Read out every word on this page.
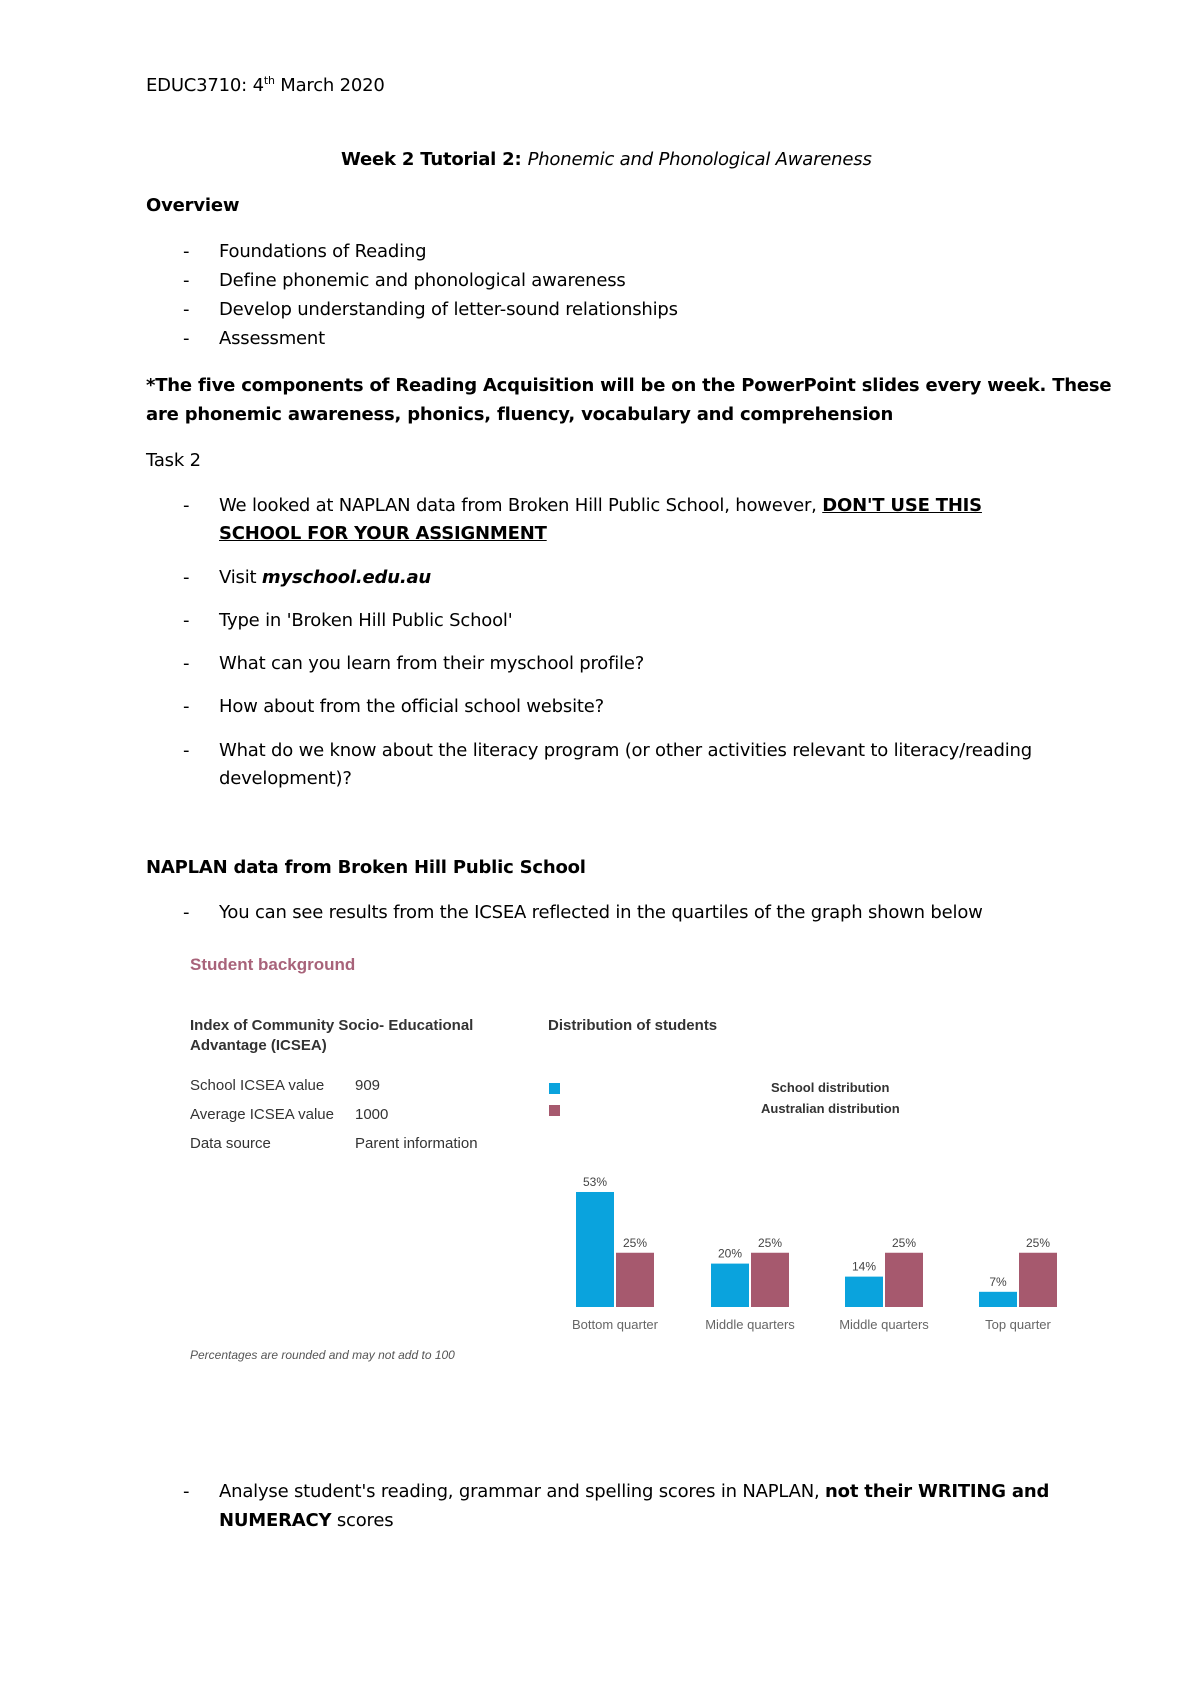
EDUC3710: 4th March 2020
Week 2 Tutorial 2: Phonemic and Phonological Awareness
Overview
- Foundations of Reading
- Define phonemic and phonological awareness
- Develop understanding of letter-sound relationships
- Assessment
*The five components of Reading Acquisition will be on the PowerPoint slides every week. These
are phonemic awareness, phonics, fluency, vocabulary and comprehension
Task 2
- We looked at NAPLAN data from Broken Hill Public School, however, DON'T USE THIS
SCHOOL FOR YOUR ASSIGNMENT
- Visit myschool.edu.au
- Type in 'Broken Hill Public School'
- What can you learn from their myschool profile?
- How about from the official school website?
- What do we know about the literacy program (or other activities relevant to literacy/reading
development)?
NAPLAN data from Broken Hill Public School
- You can see results from the ICSEA reflected in the quartiles of the graph shown below
Student background
Index of Community Socio- Educational
Advantage (ICSEA)
School ICSEA value 909
Average ICSEA value 1000
Data source	Parent information
Percentages are rounded and may not add to 100
Distribution of students
School distribution
Australian distribution
53%
25%
Bottom quarter
20%
25%
Middle quarters
14%
25%
Middle quarters
7%
25%
Top quarter
- Analyse student's reading, grammar and spelling scores in NAPLAN, not their WRITING and
NUMERACY scores
